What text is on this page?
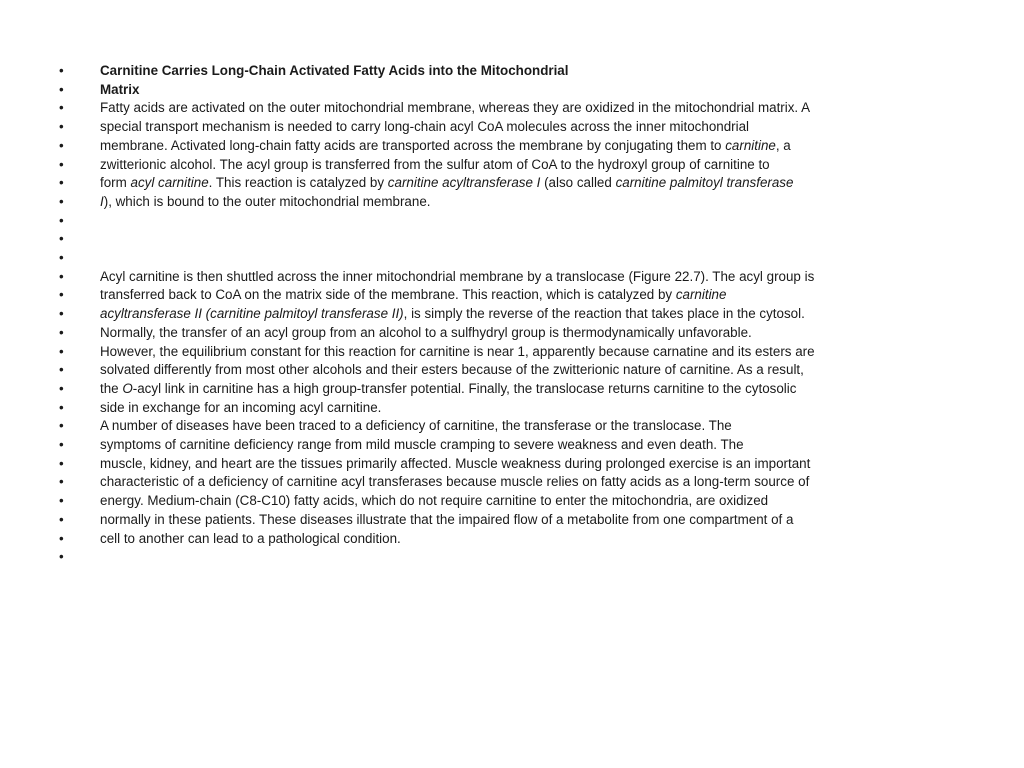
•	Carnitine Carries Long-Chain Activated Fatty Acids into the Mitochondrial
•	Matrix
•	Fatty acids are activated on the outer mitochondrial membrane, whereas they are oxidized in the mitochondrial matrix. A
•	special transport mechanism is needed to carry long-chain acyl CoA molecules across the inner mitochondrial
•	membrane. Activated long-chain fatty acids are transported across the membrane by conjugating them to carnitine, a
•	zwitterionic alcohol. The acyl group is transferred from the sulfur atom of CoA to the hydroxyl group of carnitine to
•	form acyl carnitine. This reaction is catalyzed by carnitine acyltransferase I (also called carnitine palmitoyl transferase
•	I), which is bound to the outer mitochondrial membrane.
•
•
•
•	Acyl carnitine is then shuttled across the inner mitochondrial membrane by a translocase (Figure 22.7). The acyl group is
•	transferred back to CoA on the matrix side of the membrane. This reaction, which is catalyzed by carnitine
•	acyltransferase II (carnitine palmitoyl transferase II), is simply the reverse of the reaction that takes place in the cytosol.
•	Normally, the transfer of an acyl group from an alcohol to a sulfhydryl group is thermodynamically unfavorable.
•	However, the equilibrium constant for this reaction for carnitine is near 1, apparently because carnatine and its esters are
•	solvated differently from most other alcohols and their esters because of the zwitterionic nature of carnitine. As a result,
•	the O-acyl link in carnitine has a high group-transfer potential. Finally, the translocase returns carnitine to the cytosolic
•	side in exchange for an incoming acyl carnitine.
•	A number of diseases have been traced to a deficiency of carnitine, the transferase or the translocase. The
•	symptoms of carnitine deficiency range from mild muscle cramping to severe weakness and even death. The
•	muscle, kidney, and heart are the tissues primarily affected. Muscle weakness during prolonged exercise is an important
•	characteristic of a deficiency of carnitine acyl transferases because muscle relies on fatty acids as a long-term source of
•	energy. Medium-chain (C8-C10) fatty acids, which do not require carnitine to enter the mitochondria, are oxidized
•	normally in these patients. These diseases illustrate that the impaired flow of a metabolite from one compartment of a
•	cell to another can lead to a pathological condition.
•
